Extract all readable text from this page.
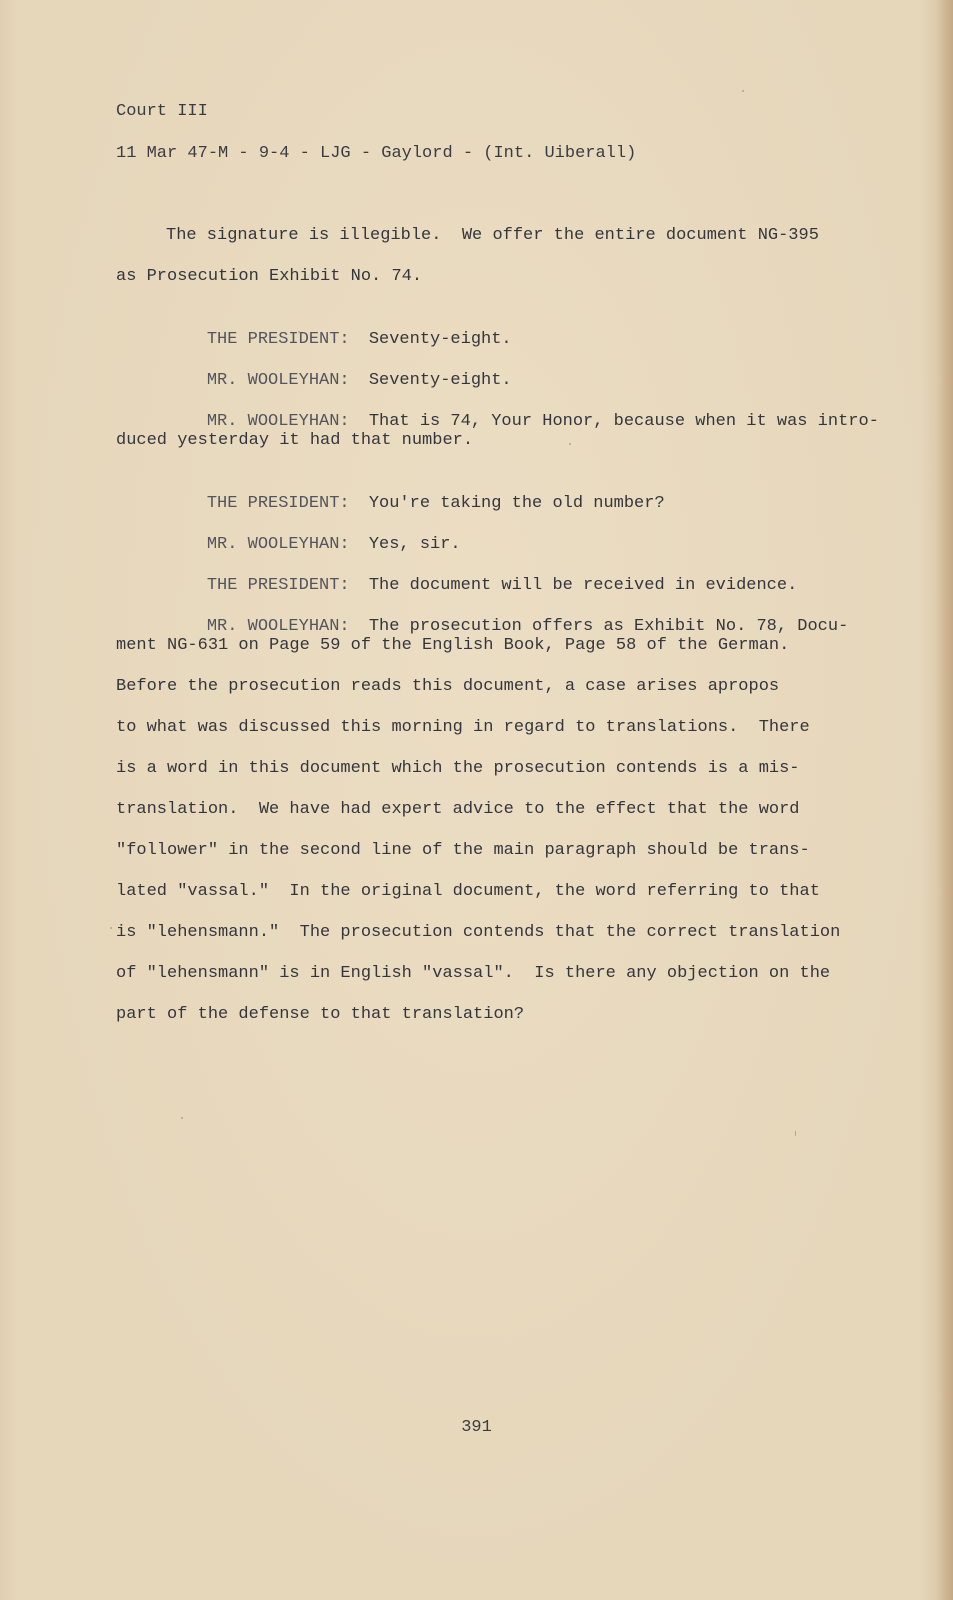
Court III
11 Mar 47-M - 9-4 - LJG - Gaylord - (Int. Uiberall)
The signature is illegible.  We offer the entire document NG-395
as Prosecution Exhibit No. 74.

THE PRESIDENT: Seventy-eight.

MR. WOOLEYHAN: Seventy-eight.

MR. WOOLEYHAN: That is 74, Your Honor, because when it was intro-

duced yesterday it had that number.

THE PRESIDENT: You're taking the old number?

MR. WOOLEYHAN: Yes, sir.

THE PRESIDENT: The document will be received in evidence.

MR. WOOLEYHAN: The prosecution offers as Exhibit No. 78, Docu-

ment NG-631 on Page 59 of the English Book, Page 58 of the German.
Before the prosecution reads this document, a case arises apropos
to what was discussed this morning in regard to translations.  There
is a word in this document which the prosecution contends is a mis-
translation.  We have had expert advice to the effect that the word
"follower" in the second line of the main paragraph should be trans-
lated "vassal."  In the original document, the word referring to that
is "lehensmann."  The prosecution contends that the correct translation
of "lehensmann" is in English "vassal".  Is there any objection on the
part of the defense to that translation?
391
